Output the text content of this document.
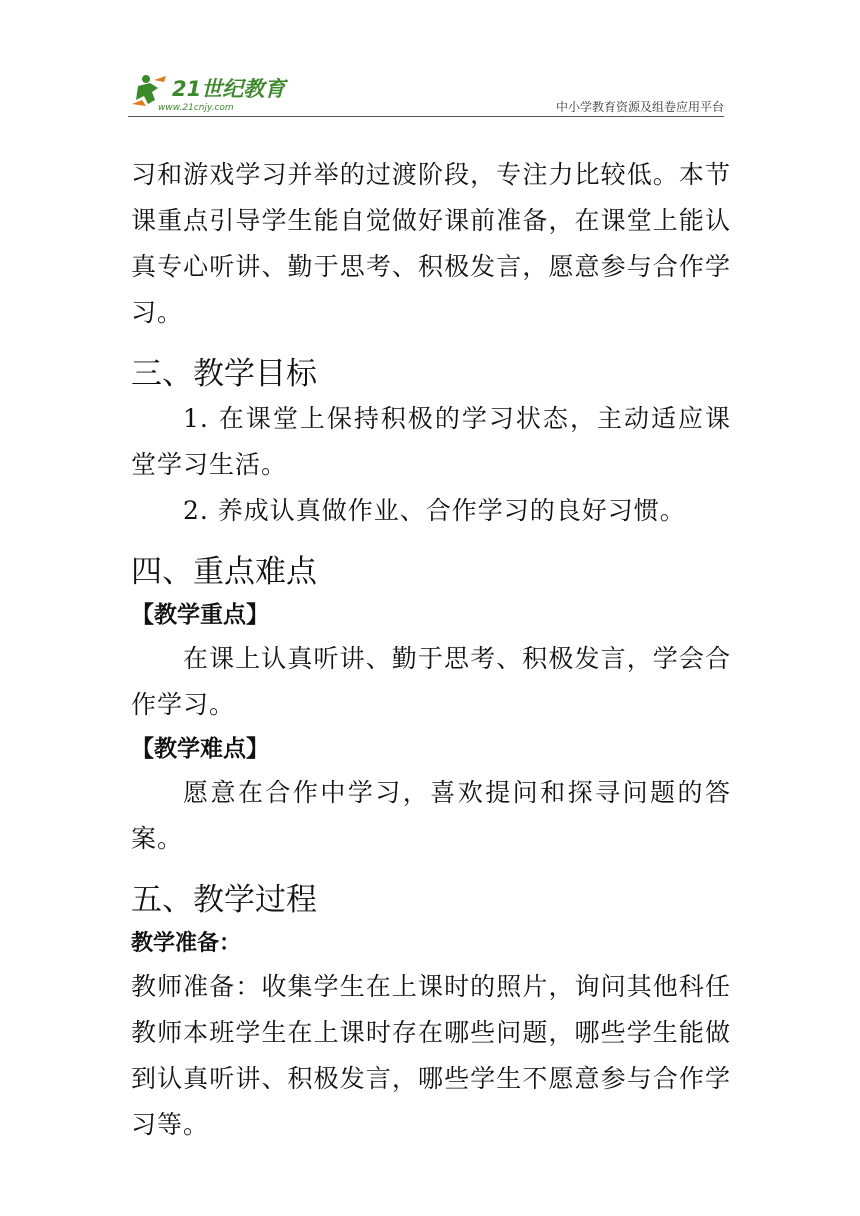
21世纪教育
www.21cnjy.com	中小学教育资源及组卷应用平台

习和游戏学习并举的过渡阶段，专注力比较低。本节课重点引导学生能自觉做好课前准备，在课堂上能认真专心听讲、勤于思考、积极发言，愿意参与合作学习。

三、教学目标

1. 在课堂上保持积极的学习状态，主动适应课堂学习生活。

2. 养成认真做作业、合作学习的良好习惯。

四、重点难点

【教学重点】

在课上认真听讲、勤于思考、积极发言，学会合作学习。

【教学难点】

愿意在合作中学习，喜欢提问和探寻问题的答案。

五、教学过程

教学准备：

教师准备：收集学生在上课时的照片，询问其他科任教师本班学生在上课时存在哪些问题，哪些学生能做到认真听讲、积极发言，哪些学生不愿意参与合作学习等。
